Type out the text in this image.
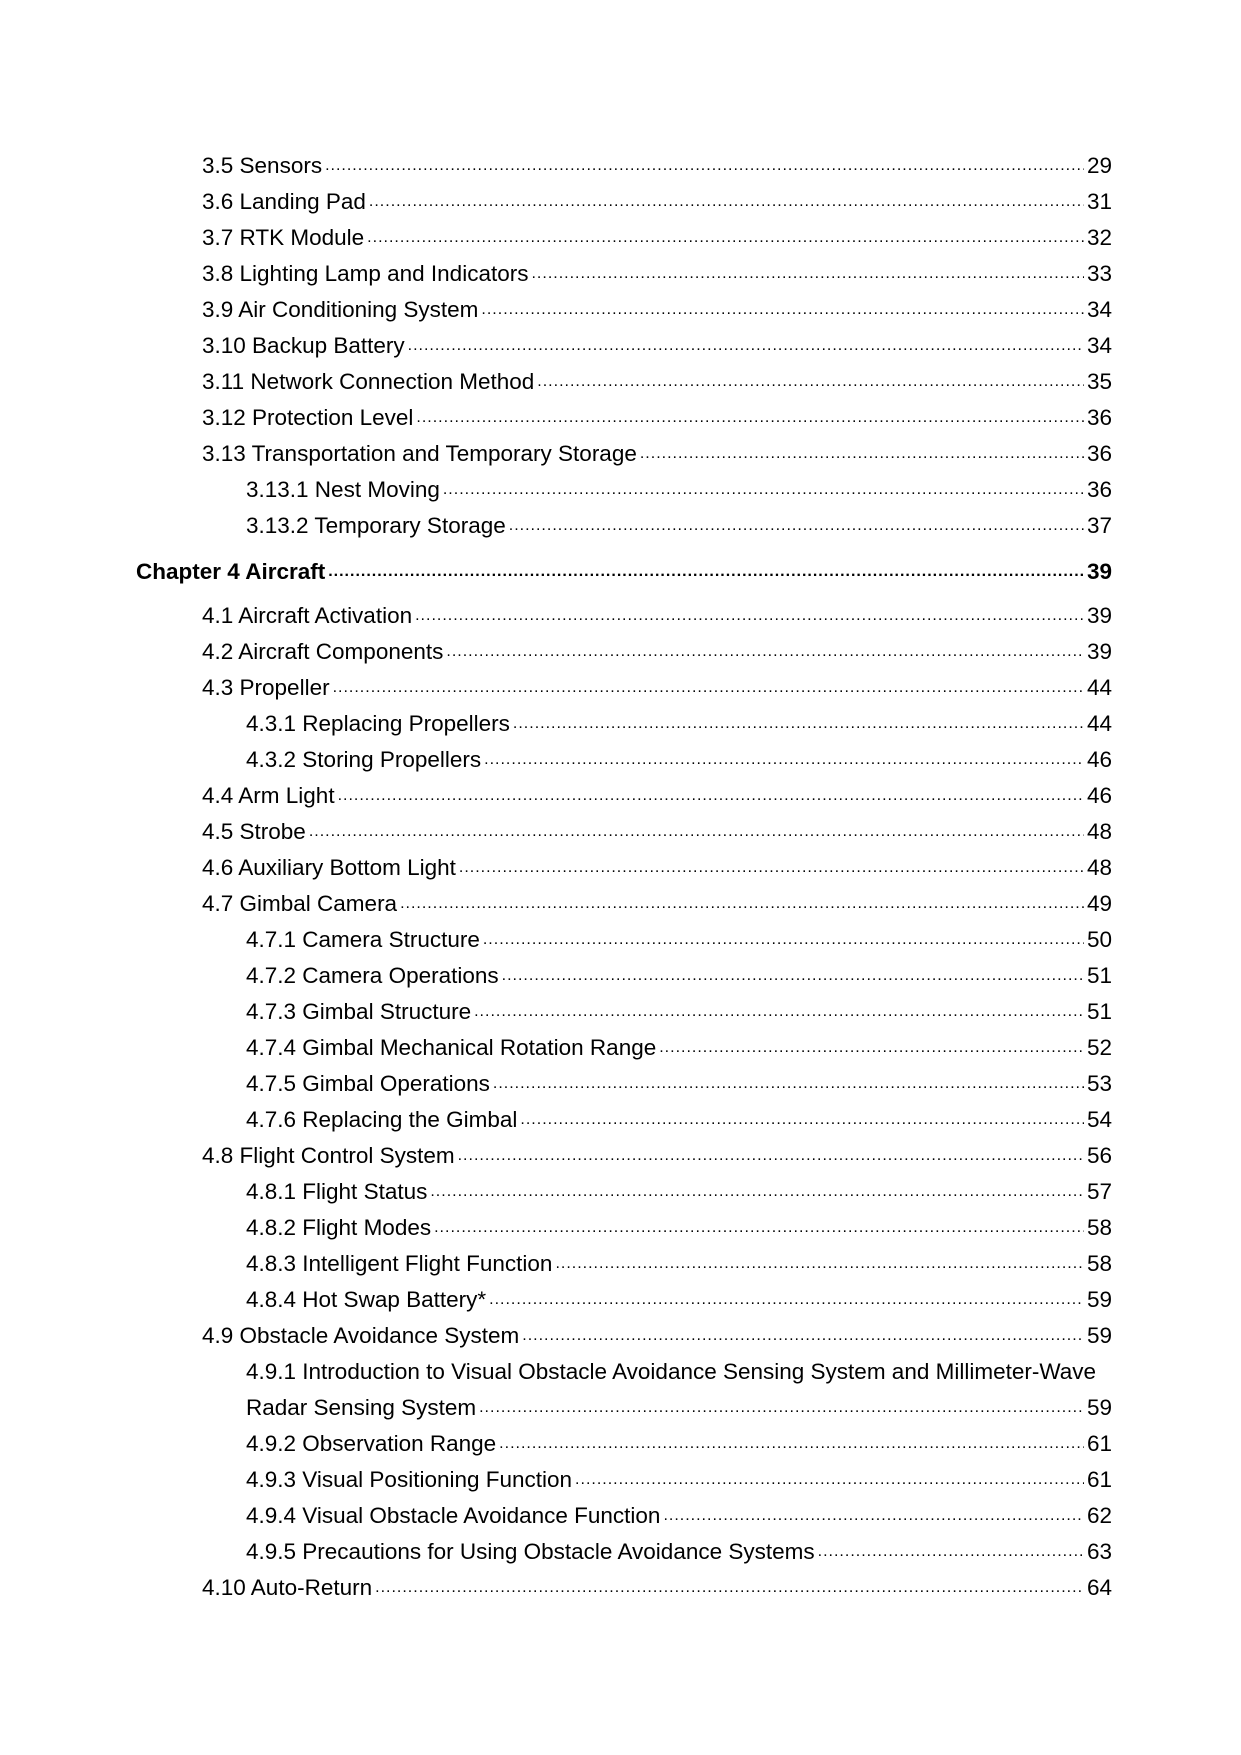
3.5 Sensors .....	29
3.6 Landing Pad .....	31
3.7 RTK Module .....	32
3.8 Lighting Lamp and Indicators .....	33
3.9 Air Conditioning System .....	34
3.10 Backup Battery .....	34
3.11 Network Connection Method .....	35
3.12 Protection Level .....	36
3.13 Transportation and Temporary Storage .....	36
3.13.1 Nest Moving .....	36
3.13.2 Temporary Storage .....	37
Chapter 4 Aircraft .....	39
4.1 Aircraft Activation .....	39
4.2 Aircraft Components .....	39
4.3 Propeller .....	44
4.3.1 Replacing Propellers .....	44
4.3.2 Storing Propellers .....	46
4.4 Arm Light .....	46
4.5 Strobe .....	48
4.6 Auxiliary Bottom Light .....	48
4.7 Gimbal Camera .....	49
4.7.1 Camera Structure .....	50
4.7.2 Camera Operations .....	51
4.7.3 Gimbal Structure .....	51
4.7.4 Gimbal Mechanical Rotation Range .....	52
4.7.5 Gimbal Operations .....	53
4.7.6 Replacing the Gimbal .....	54
4.8 Flight Control System .....	56
4.8.1 Flight Status .....	57
4.8.2 Flight Modes .....	58
4.8.3 Intelligent Flight Function .....	58
4.8.4 Hot Swap Battery* .....	59
4.9 Obstacle Avoidance System .....	59
4.9.1 Introduction to Visual Obstacle Avoidance Sensing System and Millimeter-Wave
Radar Sensing System .....	59
4.9.2 Observation Range .....	61
4.9.3 Visual Positioning Function .....	61
4.9.4 Visual Obstacle Avoidance Function .....	62
4.9.5 Precautions for Using Obstacle Avoidance Systems .....	63
4.10 Auto-Return .....	64
